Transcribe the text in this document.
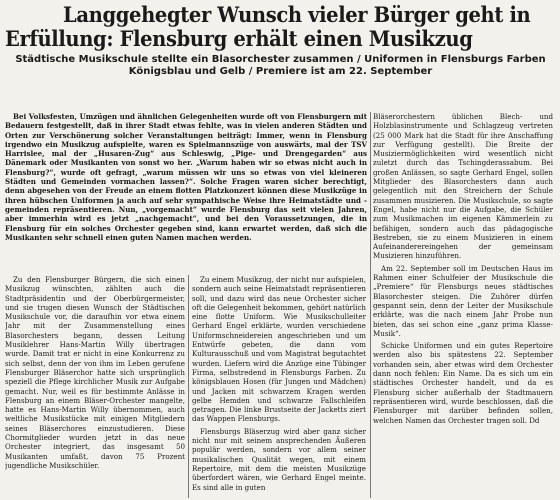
Langgehegter Wunsch vieler Bürger geht in
Erfüllung: Flensburg erhält einen Musikzug
Städtische Musikschule stellte ein Blasorchester zusammen / Uniformen in Flensburgs Farben
Königsblau und Gelb / Premiere ist am 22. September

Bei Volksfesten, Umzügen und ähnlichen Gelegenheiten wurde oft von Flensburgern mit Bedauern festgestellt, daß in ihrer Stadt etwas fehlte, was in vielen anderen Städten und Orten zur Verschönerung solcher Veranstaltungen beiträgt: Immer, wenn in Flensburg irgendwo ein Musikzug aufspielte, waren es Spielmannszüge von auswärts, mal der TSV Harrislee, mal der „Husaren-Zug“ aus Schleswig, „Pige- und Drengegarden“ aus Dänemark oder Musikanten von sonst wo her. „Warum haben wir so etwas nicht auch in Flensburg?“, wurde oft gefragt, „warum müssen wir uns so etwas von viel kleineren Städten und Gemeinden vormachen lassen?“. Solche Fragen waren sicher berechtigt, denn abgesehen von der Freude an einem flotten Platzkonzert können diese Musikzüge in ihren hübschen Uniformen ja auch auf sehr sympathische Weise ihre Heimatstädte und -gemeinden repräsentieren. Nun, „vorgemacht“ wurde Flensburg das seit vielen Jahren, aber immerhin wird es jetzt „nachgemacht“, und bei den Voraussetzungen, die in Flensburg für ein solches Orchester gegeben sind, kann erwartet werden, daß sich die Musikanten sehr schnell einen guten Namen machen werden.

Zu den Flensburger Bürgern, die sich einen Musikzug wünschten, zählten auch die Stadtpräsidentin und der Oberbürgermeister, und sie trugen diesen Wunsch der Städtischen Musikschule vor, die daraufhin vor etwa einem Jahr mit der Zusammenstellung eines Blasorchesters begann, dessen Leitung Musiklehrer Hans-Martin Willy übertragen wurde. Damit trat er nicht in eine Konkurrenz zu sich selbst, denn der von ihm im Leben gerufene Flensburger Bläserchor hatte sich ursprünglich speziell die Pflege kirchlicher Musik zur Aufgabe gemacht. Nur, weil es für bestimmte Anlässe in Flensburg an einem Bläser-Orchester mangelte, hatte es Hans-Martin Willy übernommen, auch weltliche Musikstücke mit einigen Mitgliedern seines Bläserchores einzustudieren. Diese Chormitglieder wurden jetzt in das neue Orchester integriert, das insgesamt 50 Musikanten umfaßt, davon 75 Prozent jugendliche Musikschüler.

Zu einem Musikzug, der nicht nur aufspielen, sondern auch seine Heimatstadt repräsentieren soll, und dazu wird das neue Orchester sicher oft die Gelegenheit bekommen, gehört natürlich eine flotte Uniform. Wie Musikschulleiter Gerhard Engel erklärte, wurden verschiedene Uniformschneidereien angeschrieben und um Entwürfe gebeten, die dann vom Kulturausschuß und vom Magistrat begutachtet wurden. Liefern wird die Anzüge eine Tübinger Firma, selbstredend in Flensburgs Farben. Zu königsblauen Hosen (für Jungen und Mädchen) und Jacken mit schwarzem Kragen werden gelbe Hemden und schwarze Fallschleifen getragen. Die linke Brustseite der Jacketts ziert das Wappen Flensburgs.

Flensburgs Bläserzug wird aber ganz sicher nicht nur mit seinem ansprechenden Äußeren populär werden, sondern vor allem seiner musikalischen Qualität wegen, mit einem Repertoire, mit dem die meisten Musikzüge überfordert wären, wie Gerhard Engel meinte. Es sind alle in guten

Bläserorchestern üblichen Blech- und Holzblasinstrumente und Schlagzeug vertreten (25 000 Mark hat die Stadt für ihre Anschaffung zur Verfügung gestellt). Die Breite der Musiziermöglichkeiten wird wesentlich nicht zuletzt durch das Tschingderassabum. Bei großen Anlässen, so sagte Gerhard Engel, sollen Mitglieder des Blasorchesters dann auch gelegentlich mit den Streichern der Schule zusammen musizieren. Die Musikschule, so sagte Engel, habe nicht nur die Aufgabe, die Schüler zum Musikmachen im eigenen Kämmerlein zu befähigen, sondern auch das pädagogische Bestreben, sie zu einem Musizieren in einem Aufeinanderereingehen der gemeinsam Musizieren hinzuführen.

Am 22. September soll im Deutschen Haus im Rahmen einer Schulfeier der Musikschule die „Premiere“ für Flensburgs neues städtisches Blasorchester steigen. Die Zuhörer dürfen gespannt sein, denn der Leiter der Musikschule erklärte, was die nach einem Jahr Probe nun bieten, das sei schon eine „ganz prima Klasse-Musik“.

Schicke Uniformen und ein gutes Repertoire werden also bis spätestens 22. September vorhanden sein, aber etwas wird dem Orchester dann noch fehlen: Ein Name. Da es sich um ein städtisches Orchester handelt, und da es Flensburg sicher außerhalb der Stadtmauern repräsentieren wird, wurde beschlossen, daß die Flensburger mit darüber befinden sollen, welchen Namen das Orchester tragen soll. Dd
